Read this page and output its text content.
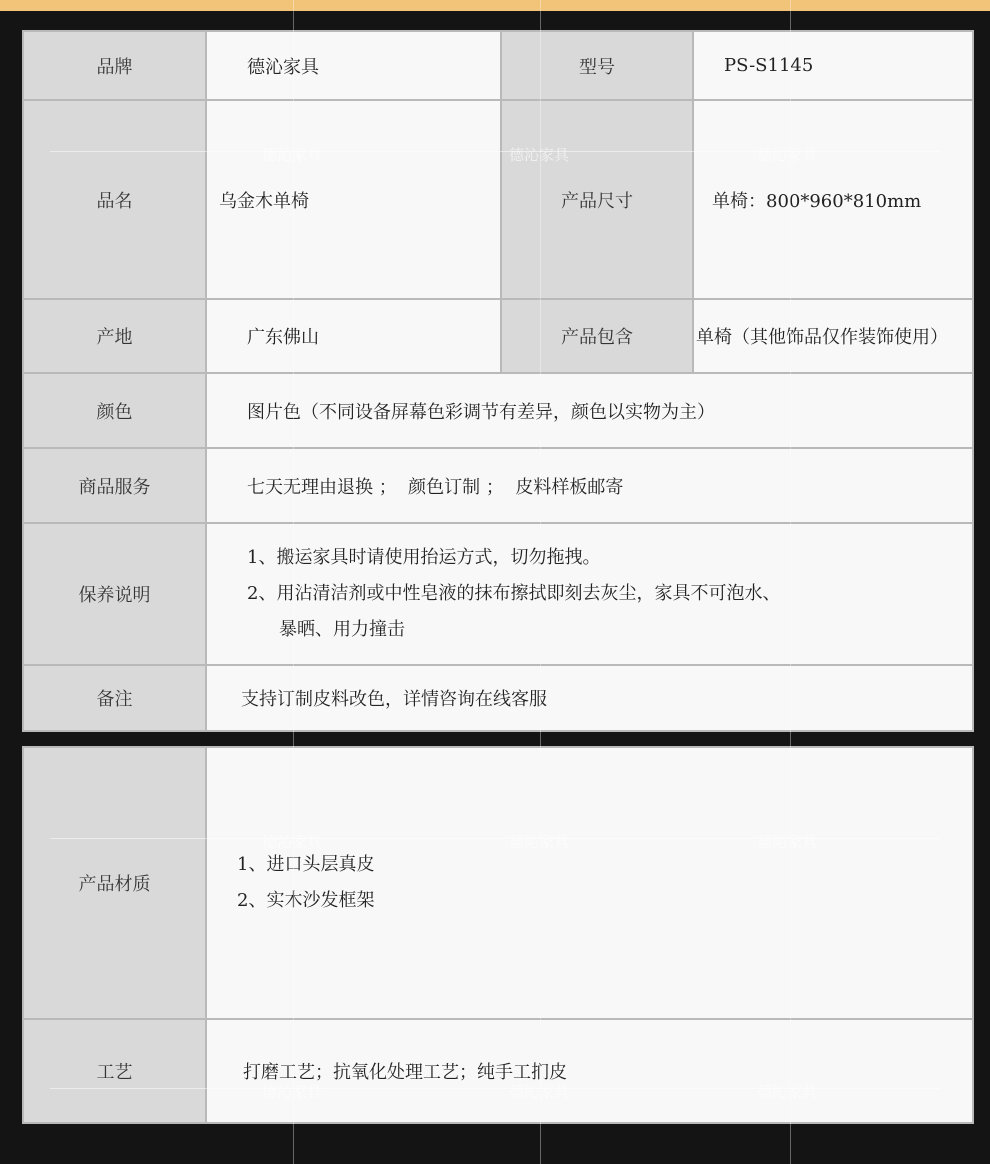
品牌	德沁家具	型号	PS-S1145
品名	乌金木单椅	产品尺寸	单椅：800*960*810mm
产地	广东佛山	产品包含	单椅（其他饰品仅作装饰使用）
颜色	图片色（不同设备屏幕色彩调节有差异，颜色以实物为主）		
商品服务	七天无理由退换 ；  颜色订制 ；  皮料样板邮寄		
保养说明	1、搬运家具时请使用抬运方式，切勿拖拽。
2、用沾清洁剂或中性皂液的抹布擦拭即刻去灰尘，家具不可泡水、
暴晒、用力撞击		

备注	支持订制皮料改色，详情咨询在线客服		
产品材质	1、进口头层真皮
2、实木沙发框架

工艺	打磨工艺；抗氧化处理工艺；纯手工扪皮
德沁家具	德沁家具	德沁家具
德沁家具	德沁家具	德沁家具
德沁家具	德沁家具	德沁家具
